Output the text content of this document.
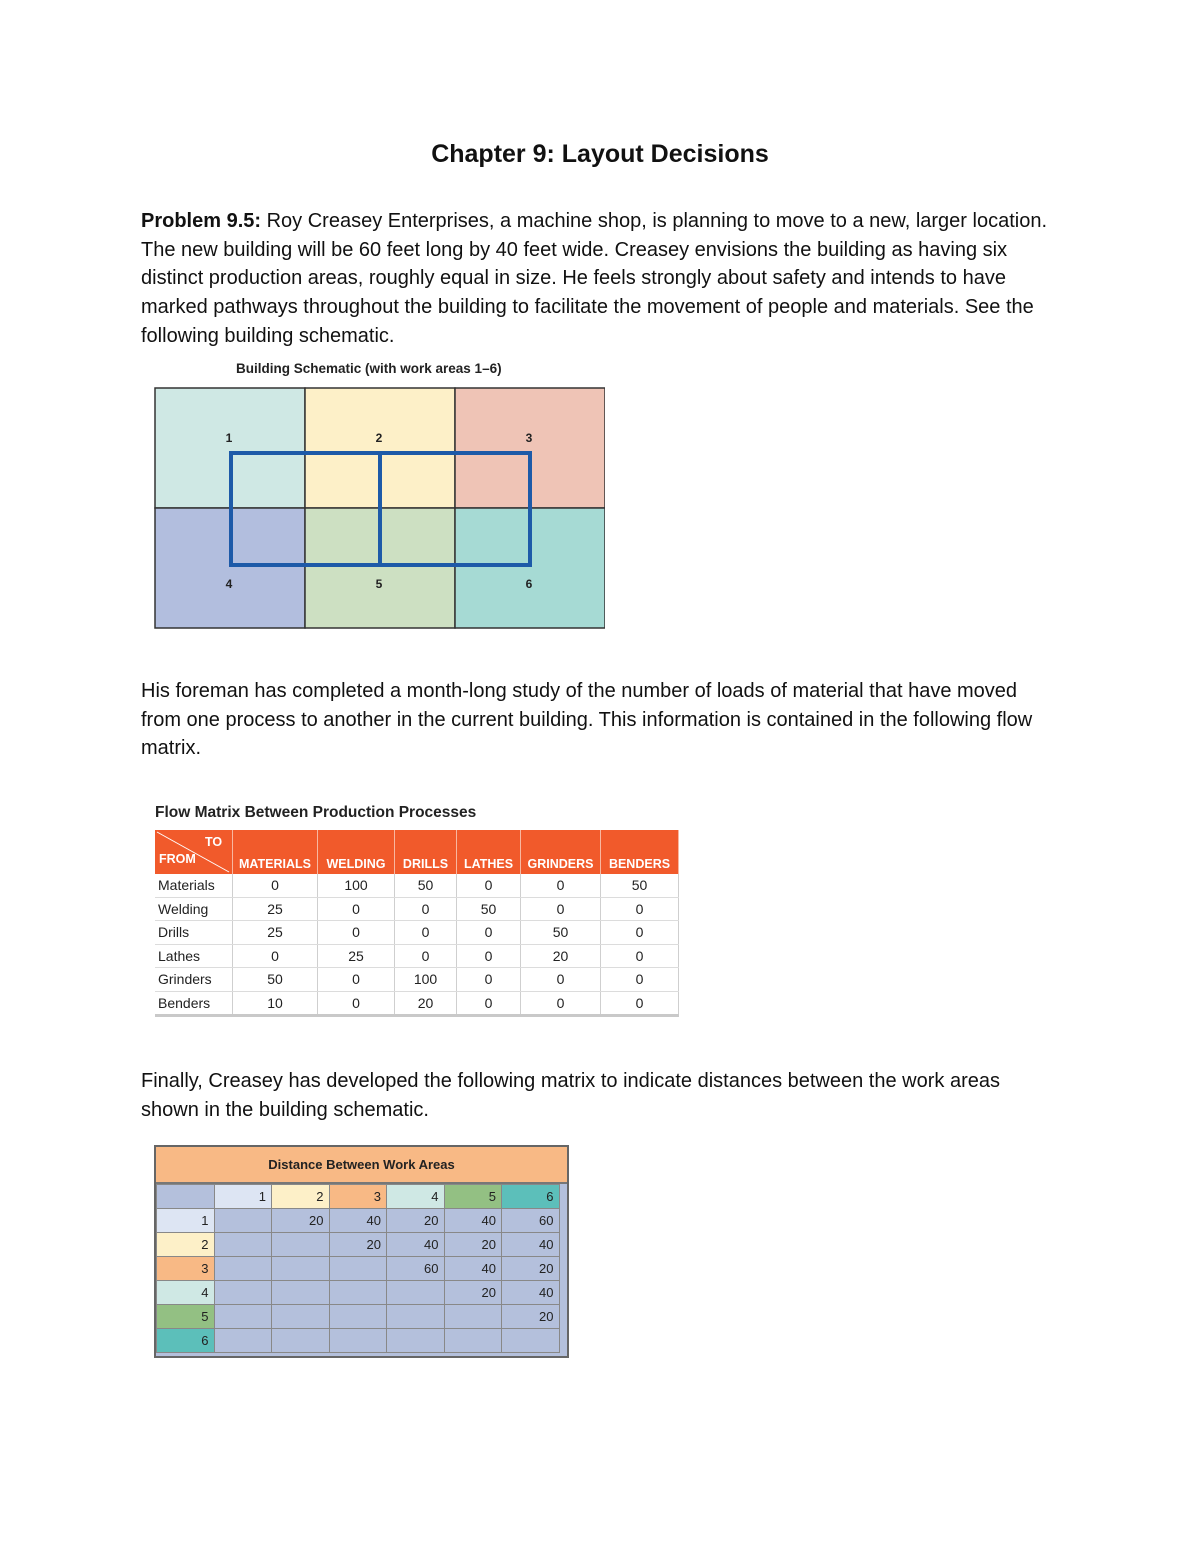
Chapter 9: Layout Decisions

Problem 9.5: Roy Creasey Enterprises, a machine shop, is planning to move to a new, larger location. The new building will be 60 feet long by 40 feet wide. Creasey envisions the building as having six distinct production areas, roughly equal in size. He feels strongly about safety and intends to have marked pathways throughout the building to facilitate the movement of people and materials. See the following building schematic.

Building Schematic (with work areas 1–6)
1	2	3
4	5	6

His foreman has completed a month-long study of the number of loads of material that have moved from one process to another in the current building. This information is contained in the following flow matrix.

Flow Matrix Between Production Processes
TO
FROM	MATERIALS	WELDING	DRILLS	LATHES	GRINDERS	BENDERS
Materials	0	100	50	0	0	50
Welding	25	0	0	50	0	0
Drills	25	0	0	0	50	0
Lathes	0	25	0	0	20	0
Grinders	50	0	100	0	0	0
Benders	10	0	20	0	0	0

Finally, Creasey has developed the following matrix to indicate distances between the work areas shown in the building schematic.

Distance Between Work Areas
	1	2	3	4	5	6
1		20	40	20	40	60
2			20	40	20	40
3				60	40	20
4					20	40
5						20
6						
